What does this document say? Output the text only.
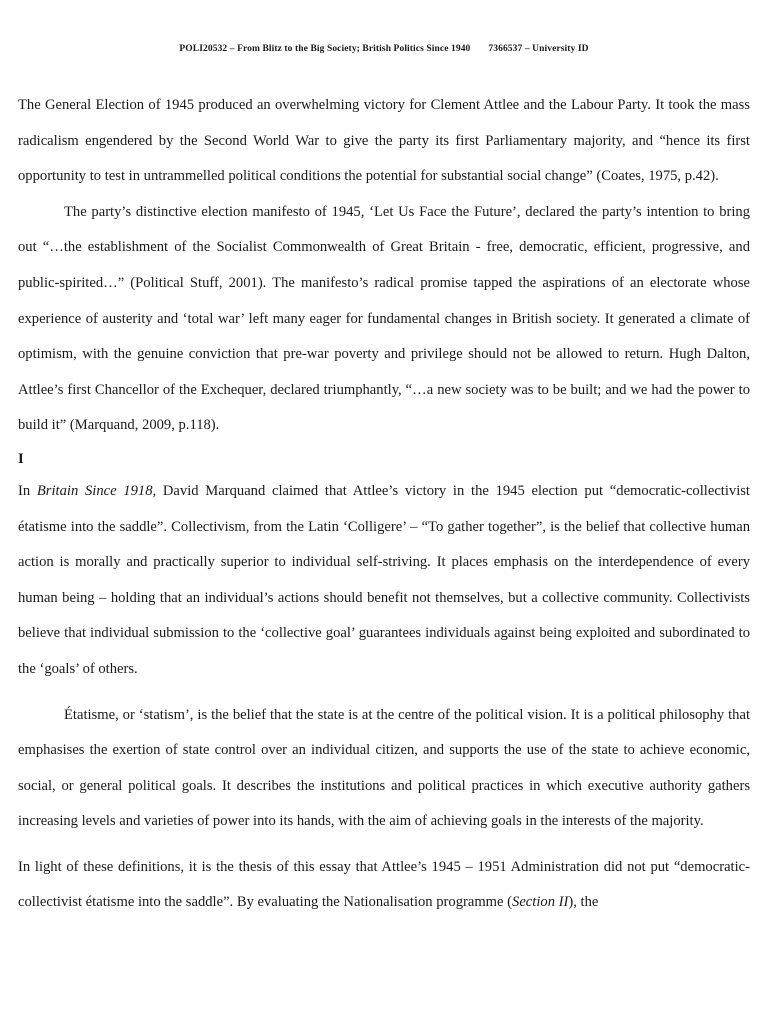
POLI20532 – From Blitz to the Big Society; British Politics Since 1940 7366537 – University ID

The General Election of 1945 produced an overwhelming victory for Clement Attlee and the Labour Party. It took the mass radicalism engendered by the Second World War to give the party its first Parliamentary majority, and “hence its first opportunity to test in untrammelled political conditions the potential for substantial social change” (Coates, 1975, p.42).

The party’s distinctive election manifesto of 1945, ‘Let Us Face the Future’, declared the party’s intention to bring out “…the establishment of the Socialist Commonwealth of Great Britain - free, democratic, efficient, progressive, and public-spirited…” (Political Stuff, 2001). The manifesto’s radical promise tapped the aspirations of an electorate whose experience of austerity and ‘total war’ left many eager for fundamental changes in British society. It generated a climate of optimism, with the genuine conviction that pre-war poverty and privilege should not be allowed to return. Hugh Dalton, Attlee’s first Chancellor of the Exchequer, declared triumphantly, “…a new society was to be built; and we had the power to build it” (Marquand, 2009, p.118).

I

In Britain Since 1918, David Marquand claimed that Attlee’s victory in the 1945 election put “democratic-collectivist étatisme into the saddle”. Collectivism, from the Latin ‘Colligere’ – “To gather together”, is the belief that collective human action is morally and practically superior to individual self-striving. It places emphasis on the interdependence of every human being – holding that an individual’s actions should benefit not themselves, but a collective community. Collectivists believe that individual submission to the ‘collective goal’ guarantees individuals against being exploited and subordinated to the ‘goals’ of others.

Étatisme, or ‘statism’, is the belief that the state is at the centre of the political vision. It is a political philosophy that emphasises the exertion of state control over an individual citizen, and supports the use of the state to achieve economic, social, or general political goals. It describes the institutions and political practices in which executive authority gathers increasing levels and varieties of power into its hands, with the aim of achieving goals in the interests of the majority.

In light of these definitions, it is the thesis of this essay that Attlee’s 1945 – 1951 Administration did not put “democratic-collectivist étatisme into the saddle”. By evaluating the Nationalisation programme (Section II), the
